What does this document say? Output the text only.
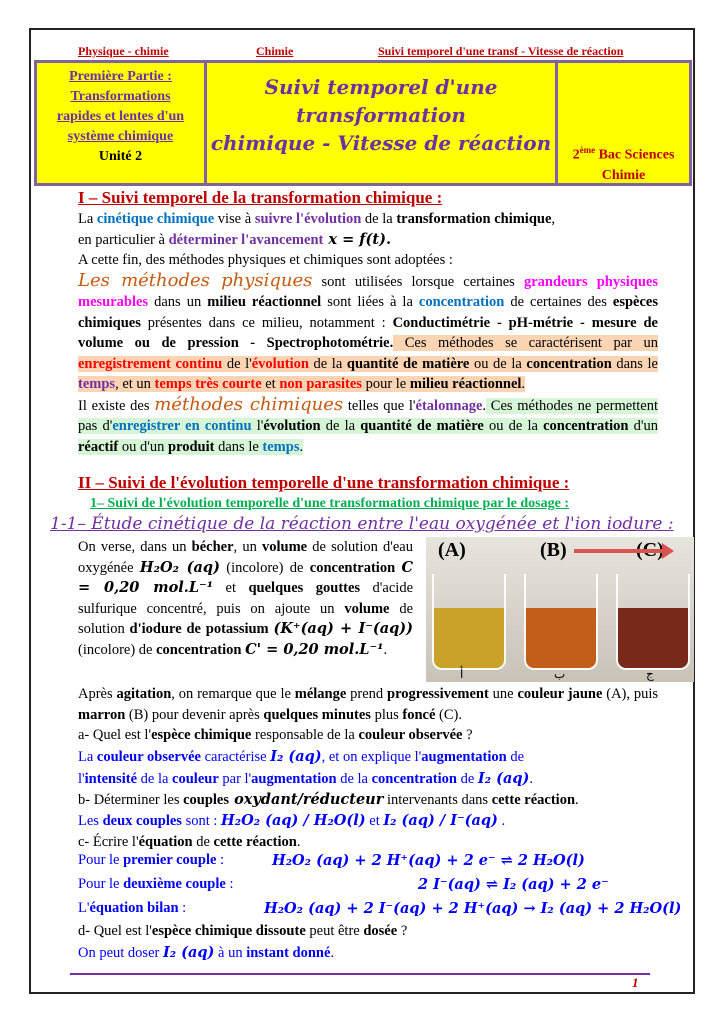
Physique - chimie	Chimie	Suivi temporel d'une transf - Vitesse de réaction
Première Partie :
Transformations
rapides et lentes d'un
système chimique
Unité 2
Suivi temporel d'une transformation
chimique - Vitesse de réaction
2ème Bac Sciences
Chimie
I – Suivi temporel de la transformation chimique :
La cinétique chimique vise à suivre l'évolution de la transformation chimique,
en particulier à déterminer l'avancement x = f(t).
A cette fin, des méthodes physiques et chimiques sont adoptées :
Les méthodes physiques sont utilisées lorsque certaines grandeurs physiques mesurables dans un milieu réactionnel sont liées à la concentration de certaines des espèces chimiques présentes dans ce milieu, notamment : Conductimétrie - pH-métrie - mesure de volume ou de pression - Spectrophotométrie. Ces méthodes se caractérisent par un enregistrement continu de l'évolution de la quantité de matière ou de la concentration dans le temps, et un temps très courte et non parasites pour le milieu réactionnel.
Il existe des méthodes chimiques telles que l'étalonnage. Ces méthodes ne permettent pas d'enregistrer en continu l'évolution de la quantité de matière ou de la concentration d'un réactif ou d'un produit dans le temps.
II – Suivi de l'évolution temporelle d'une transformation chimique :
1– Suivi de l'évolution temporelle d'une transformation chimique par le dosage :
1-1– Étude cinétique de la réaction entre l'eau oxygénée et l'ion iodure :
On verse, dans un bécher, un volume de solution d'eau oxygénée H₂O₂ (aq) (incolore) de concentration C = 0,20 mol.L⁻¹ et quelques gouttes d'acide sulfurique concentré, puis on ajoute un volume de solution d'iodure de potassium (K⁺(aq) + I⁻(aq)) (incolore) de concentration C' = 0,20 mol.L⁻¹.
(A)	(B)
أ	ب	ج
Après agitation, on remarque que le mélange prend progressivement une couleur jaune (A), puis marron (B) pour devenir après quelques minutes plus foncé (C).
a- Quel est l'espèce chimique responsable de la couleur observée ?
La couleur observée caractérise I₂ (aq), et on explique l'augmentation de
l'intensité de la couleur par l'augmentation de la concentration de I₂ (aq).
b- Déterminer les couples oxydant/réducteur intervenants dans cette réaction.
Les deux couples sont : H₂O₂ (aq) / H₂O(l) et I₂ (aq) / I⁻(aq) .
c- Écrire l'équation de cette réaction.
Pour le premier couple :	H₂O₂ (aq) + 2 H⁺(aq) + 2 e⁻ ⇌ 2 H₂O(l)
Pour le deuxième couple :	2 I⁻(aq) ⇌ I₂ (aq) + 2 e⁻
L'équation bilan :	H₂O₂ (aq) + 2 I⁻(aq) + 2 H⁺(aq) → I₂ (aq) + 2 H₂O(l)
d- Quel est l'espèce chimique dissoute peut être dosée ?
On peut doser I₂ (aq) à un instant donné.
1
